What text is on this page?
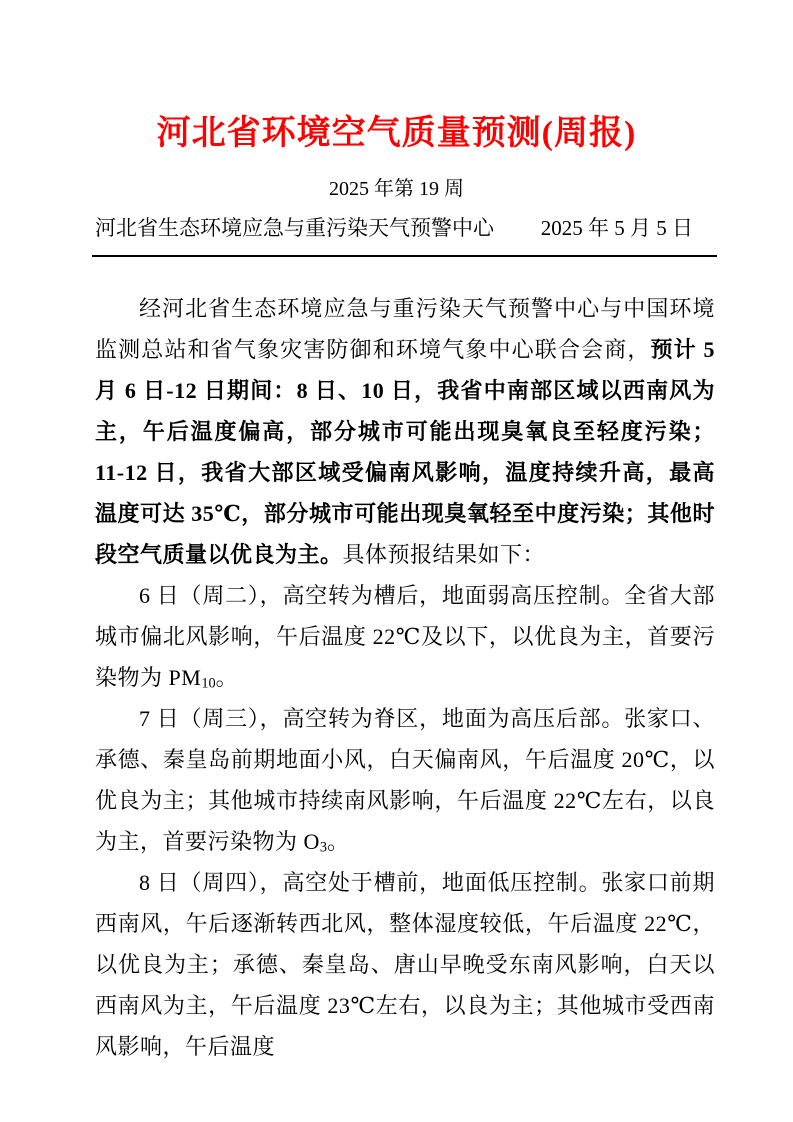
河北省环境空气质量预测(周报)
2025 年第 19 周
河北省生态环境应急与重污染天气预警中心 2025 年 5 月 5 日

经河北省生态环境应急与重污染天气预警中心与中国环境监测总站和省气象灾害防御和环境气象中心联合会商，预计 5 月 6 日-12 日期间：8 日、10 日，我省中南部区域以西南风为主，午后温度偏高，部分城市可能出现臭氧良至轻度污染； 11-12 日，我省大部区域受偏南风影响，温度持续升高，最高温度可达 35℃，部分城市可能出现臭氧轻至中度污染；其他时段空气质量以优良为主。具体预报结果如下：

6 日（周二），高空转为槽后，地面弱高压控制。全省大部城市偏北风影响，午后温度 22℃及以下，以优良为主，首要污染物为 $PM_{10}$。

7 日（周三），高空转为脊区，地面为高压后部。张家口、承德、秦皇岛前期地面小风，白天偏南风，午后温度 20℃，以优良为主；其他城市持续南风影响，午后温度 22℃左右，以良为主，首要污染物为 $O_3$。

8 日（周四），高空处于槽前，地面低压控制。张家口前期西南风，午后逐渐转西北风，整体湿度较低，午后温度 22℃，以优良为主；承德、秦皇岛、唐山早晚受东南风影响，白天以西南风为主，午后温度 23℃左右，以良为主；其他城市受西南风影响，午后温度
